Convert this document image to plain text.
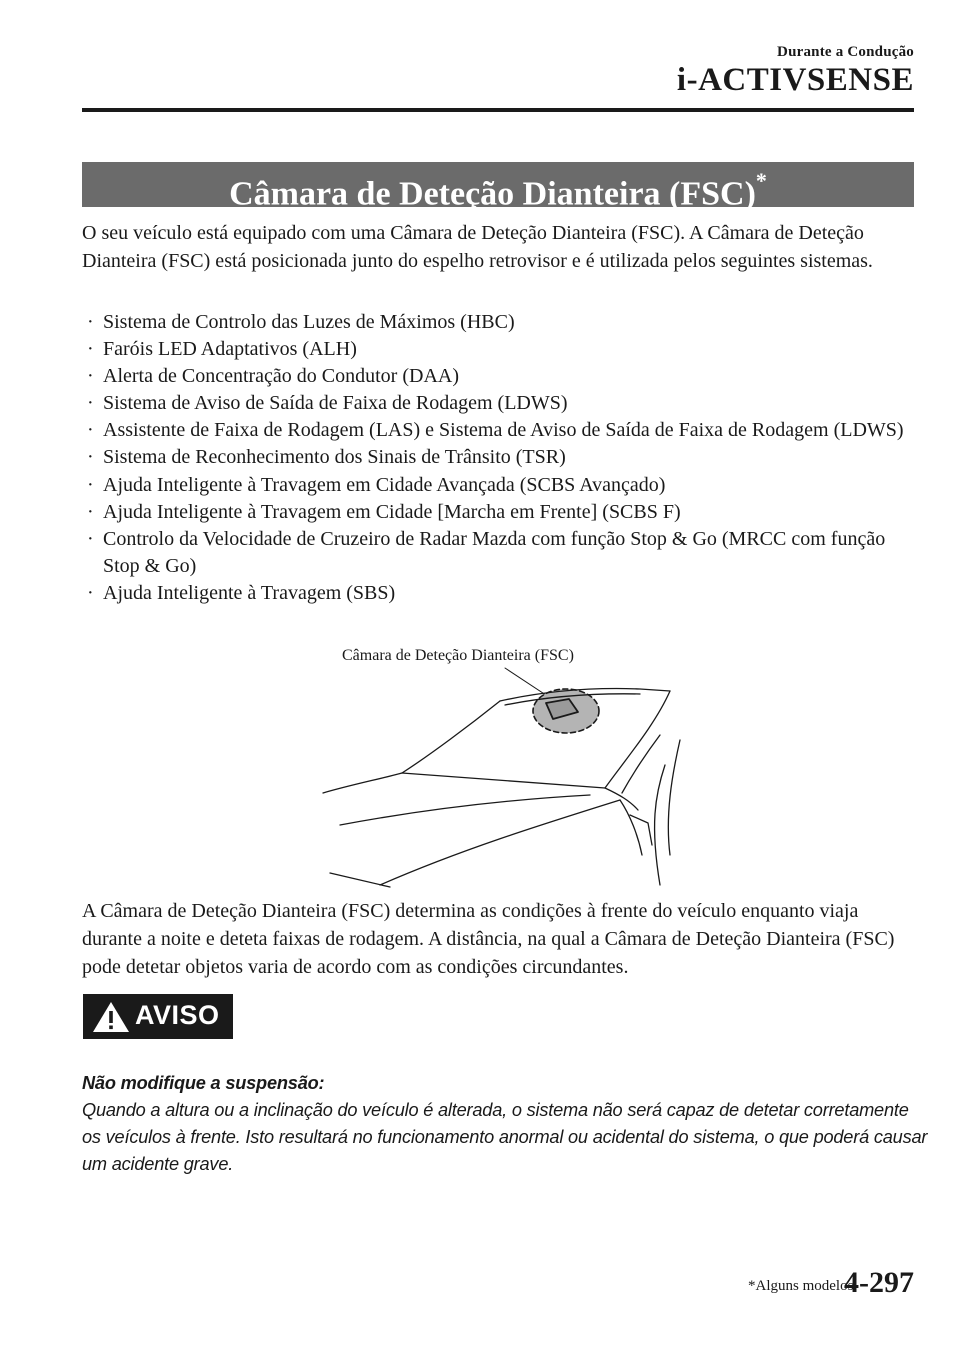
Durante a Condução
i-ACTIVSENSE
Câmara de Deteção Dianteira (FSC)*

O seu veículo está equipado com uma Câmara de Deteção Dianteira (FSC). A Câmara de Deteção Dianteira (FSC) está posicionada junto do espelho retrovisor e é utilizada pelos seguintes sistemas.

· Sistema de Controlo das Luzes de Máximos (HBC)
· Faróis LED Adaptativos (ALH)
· Alerta de Concentração do Condutor (DAA)
· Sistema de Aviso de Saída de Faixa de Rodagem (LDWS)
· Assistente de Faixa de Rodagem (LAS) e Sistema de Aviso de Saída de Faixa de Rodagem (LDWS)
· Sistema de Reconhecimento dos Sinais de Trânsito (TSR)
· Ajuda Inteligente à Travagem em Cidade Avançada (SCBS Avançado)
· Ajuda Inteligente à Travagem em Cidade [Marcha em Frente] (SCBS F)
· Controlo da Velocidade de Cruzeiro de Radar Mazda com função Stop & Go (MRCC com função Stop & Go)
· Ajuda Inteligente à Travagem (SBS)
Câmara de Deteção Dianteira (FSC)

A Câmara de Deteção Dianteira (FSC) determina as condições à frente do veículo enquanto viaja durante a noite e deteta faixas de rodagem. A distância, na qual a Câmara de Deteção Dianteira (FSC) pode detetar objetos varia de acordo com as condições circundantes.

AVISO
Não modifique a suspensão:
Quando a altura ou a inclinação do veículo é alterada, o sistema não será capaz de detetar corretamente os veículos à frente. Isto resultará no funcionamento anormal ou acidental do sistema, o que poderá causar um acidente grave.
*Alguns modelos.
4-297
